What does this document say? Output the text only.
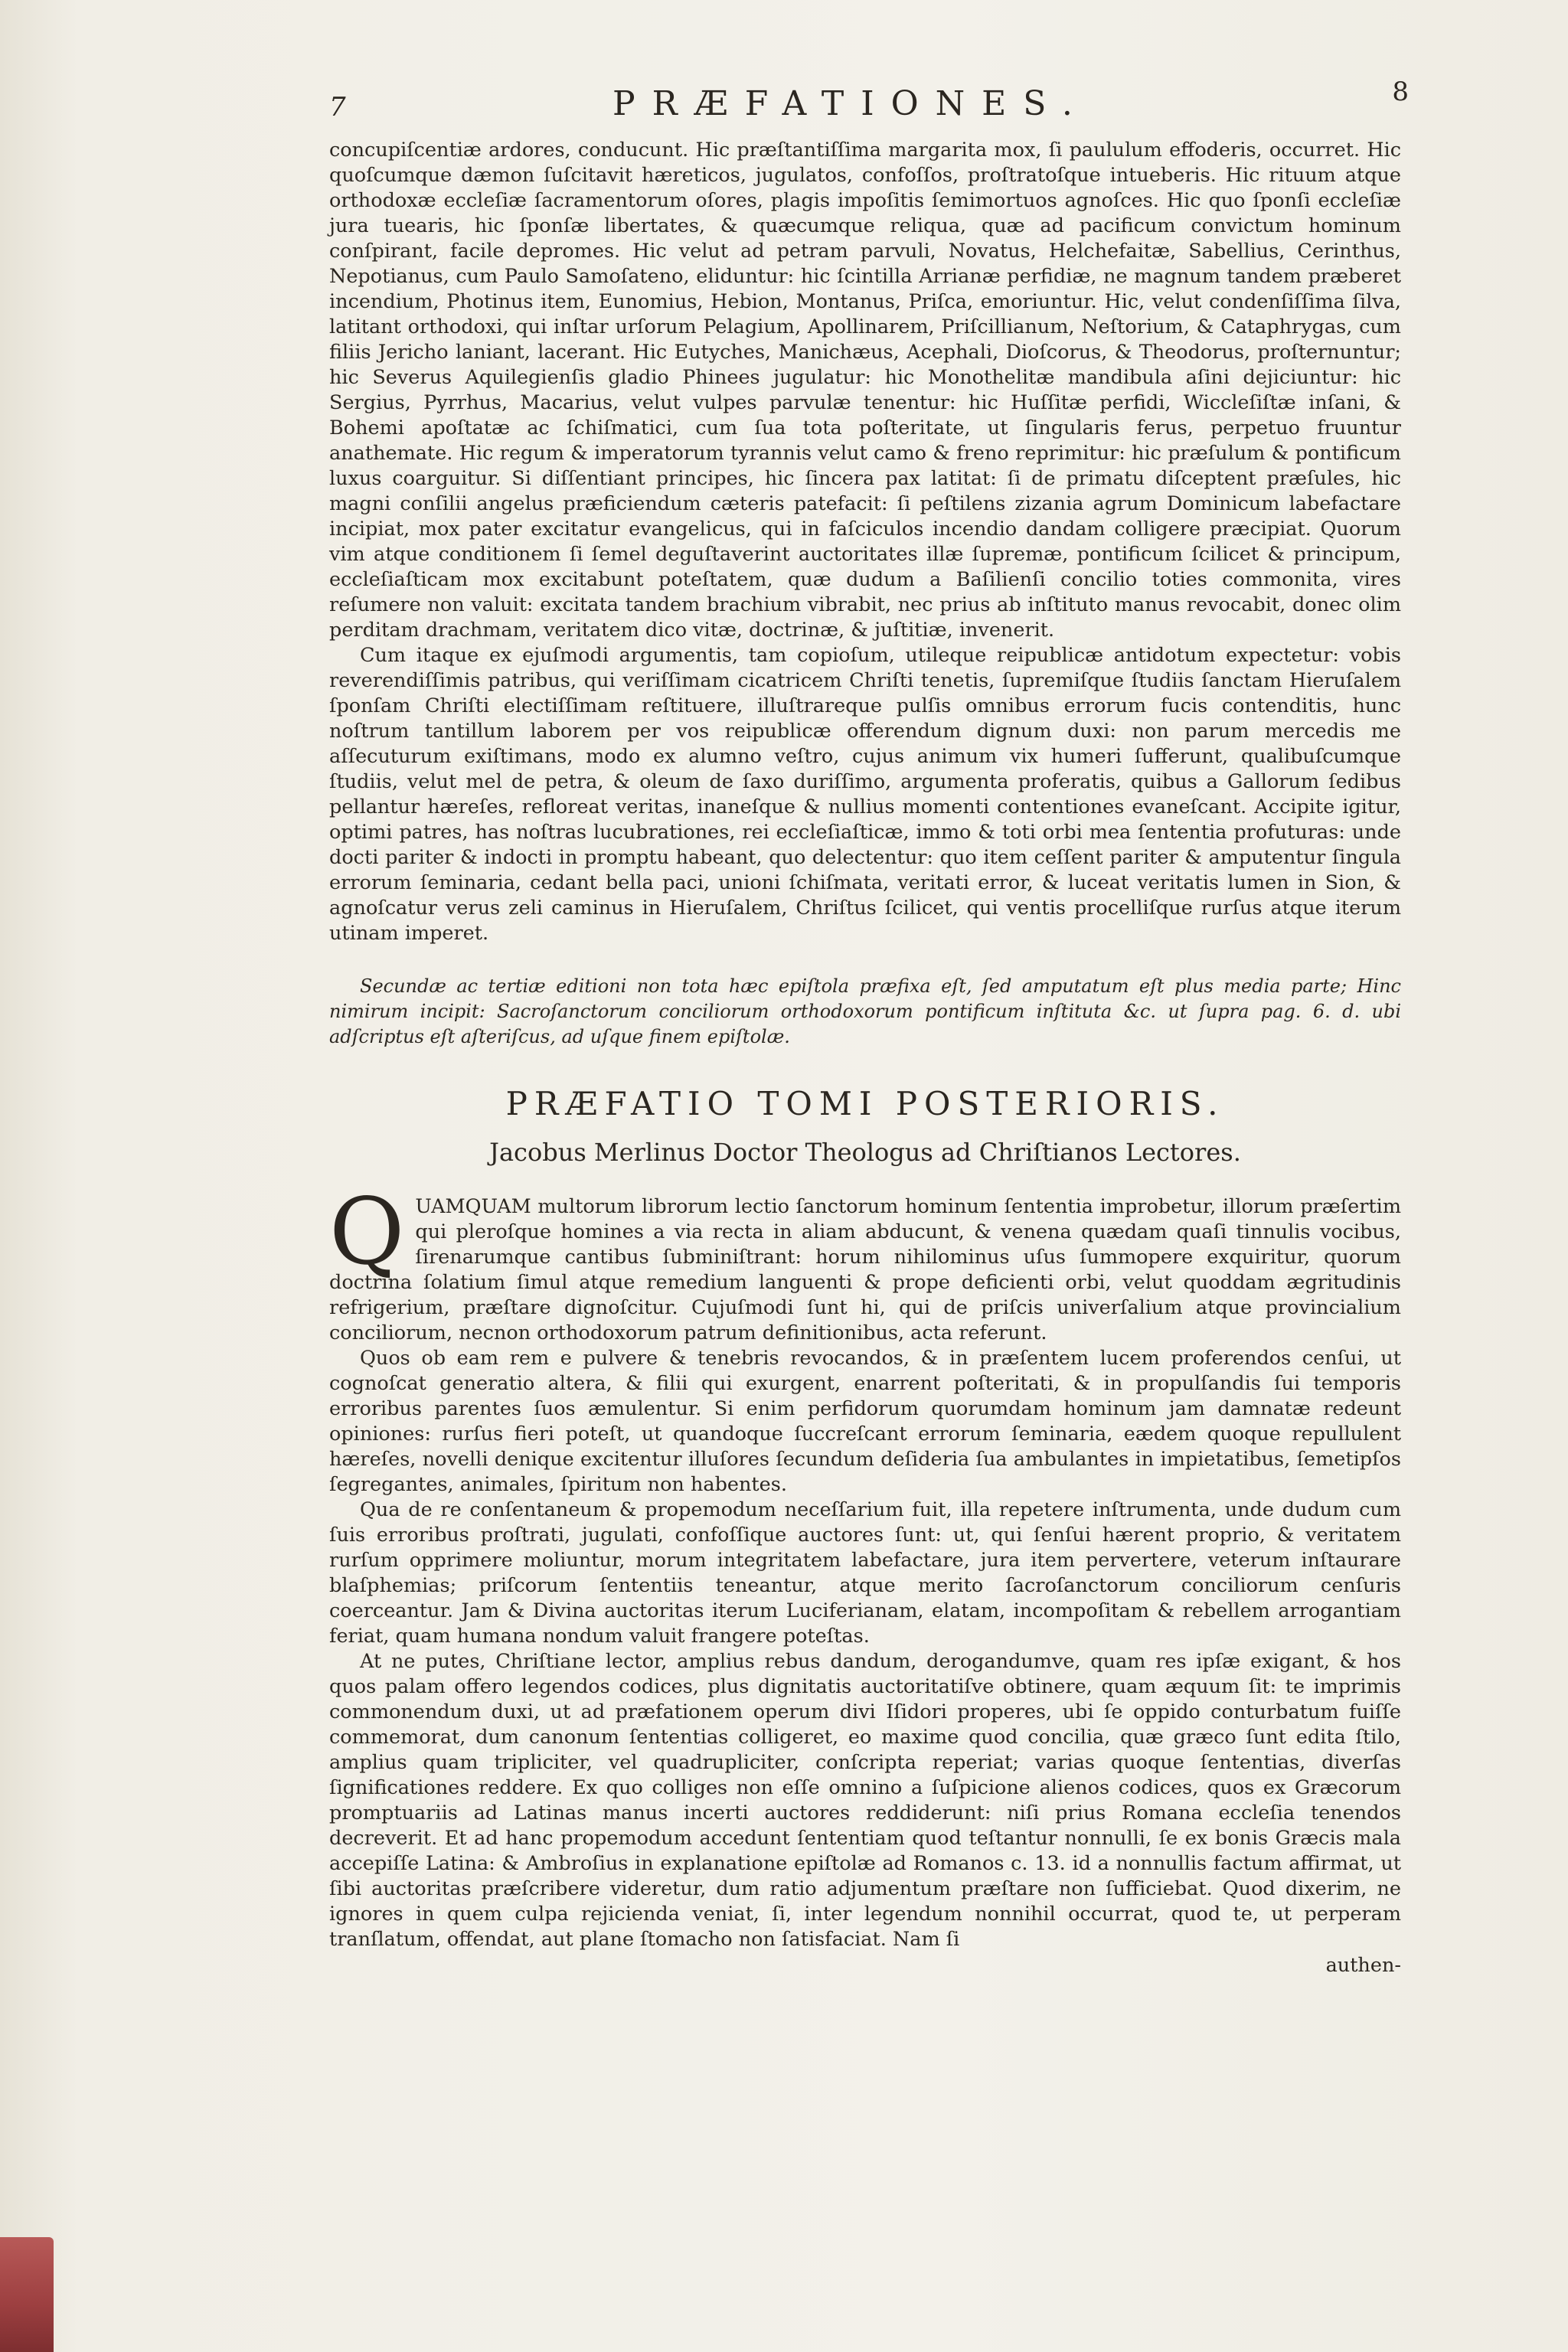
7	PRÆFATIONES.	8

concupiſcentiæ ardores, conducunt. Hic præſtantiſſima margarita mox, ſi paululum effoderis, occurret. Hic quoſcumque dæmon ſuſcitavit hæreticos, jugulatos, confoſſos, proſtratoſque intueberis. Hic rituum atque orthodoxæ eccleſiæ ſacramentorum oſores, plagis impoſitis ſemimortuos agnoſces. Hic quo ſponſi eccleſiæ jura tuearis, hic ſponſæ libertates, & quæcumque reliqua, quæ ad pacificum convictum hominum conſpirant, facile depromes. Hic velut ad petram parvuli, Novatus, Helchefaitæ, Sabellius, Cerinthus, Nepotianus, cum Paulo Samoſateno, eliduntur: hic ſcintilla Arrianæ perfidiæ, ne magnum tandem præberet incendium, Photinus item, Eunomius, Hebion, Montanus, Priſca, emoriuntur. Hic, velut condenſiſſima ſilva, latitant orthodoxi, qui inſtar urſorum Pelagium, Apollinarem, Priſcillianum, Neſtorium, & Cataphrygas, cum filiis Jericho laniant, lacerant. Hic Eutyches, Manichæus, Acephali, Dioſcorus, & Theodorus, proſternuntur; hic Severus Aquilegienſis gladio Phinees jugulatur: hic Monothelitæ mandibula aſini dejiciuntur: hic Sergius, Pyrrhus, Macarius, velut vulpes parvulæ tenentur: hic Huſſitæ perfidi, Wiccleſiſtæ inſani, & Bohemi apoſtatæ ac ſchiſmatici, cum ſua tota poſteritate, ut ſingularis ferus, perpetuo fruuntur anathemate. Hic regum & imperatorum tyrannis velut camo & freno reprimitur: hic præſulum & pontificum luxus coarguitur. Si diſſentiant principes, hic ſincera pax latitat: ſi de primatu diſceptent præſules, hic magni conſilii angelus præficiendum cæteris patefacit: ſi peſtilens zizania agrum Dominicum labefactare incipiat, mox pater excitatur evangelicus, qui in faſciculos incendio dandam colligere præcipiat. Quorum vim atque conditionem ſi ſemel deguſtaverint auctoritates illæ ſupremæ, pontificum ſcilicet & principum, eccleſiaſticam mox excitabunt poteſtatem, quæ dudum a Baſilienſi concilio toties commonita, vires reſumere non valuit: excitata tandem brachium vibrabit, nec prius ab inſtituto manus revocabit, donec olim perditam drachmam, veritatem dico vitæ, doctrinæ, & juſtitiæ, invenerit.

Cum itaque ex ejuſmodi argumentis, tam copioſum, utileque reipublicæ antidotum expectetur: vobis reverendiſſimis patribus, qui veriſſimam cicatricem Chriſti tenetis, ſupremiſque ſtudiis ſanctam Hieruſalem ſponſam Chriſti electiſſimam reſtituere, illuſtrareque pulſis omnibus errorum fucis contenditis, hunc noſtrum tantillum laborem per vos reipublicæ offerendum dignum duxi: non parum mercedis me aſſecuturum exiſtimans, modo ex alumno veſtro, cujus animum vix humeri ſufferunt, qualibuſcumque ſtudiis, velut mel de petra, & oleum de ſaxo duriſſimo, argumenta proferatis, quibus a Gallorum ſedibus pellantur hæreſes, refloreat veritas, inaneſque & nullius momenti contentiones evaneſcant. Accipite igitur, optimi patres, has noſtras lucubrationes, rei eccleſiaſticæ, immo & toti orbi mea ſententia profuturas: unde docti pariter & indocti in promptu habeant, quo delectentur: quo item ceſſent pariter & amputentur ſingula errorum ſeminaria, cedant bella paci, unioni ſchiſmata, veritati error, & luceat veritatis lumen in Sion, & agnoſcatur verus zeli caminus in Hieruſalem, Chriſtus ſcilicet, qui ventis procelliſque rurſus atque iterum utinam imperet.

Secundæ ac tertiæ editioni non tota hæc epiſtola præfixa eſt, ſed amputatum eſt plus media parte; Hinc nimirum incipit: Sacroſanctorum conciliorum orthodoxorum pontificum inſtituta &c. ut ſupra pag. 6. d. ubi adſcriptus eſt aſteriſcus, ad uſque finem epiſtolæ.

PRÆFATIO TOMI POSTERIORIS.
Jacobus Merlinus Doctor Theologus ad Chriſtianos Lectores.

QUAMQUAM multorum librorum lectio ſanctorum hominum ſententia improbetur, illorum præſertim qui pleroſque homines a via recta in aliam abducunt, & venena quædam quaſi tinnulis vocibus, ſirenarumque cantibus ſubminiſtrant: horum nihilominus uſus ſummopere exquiritur, quorum doctrina ſolatium ſimul atque remedium languenti & prope deficienti orbi, velut quoddam ægritudinis refrigerium, præſtare dignoſcitur. Cujuſmodi ſunt hi, qui de priſcis univerſalium atque provincialium conciliorum, necnon orthodoxorum patrum definitionibus, acta referunt.

Quos ob eam rem e pulvere & tenebris revocandos, & in præſentem lucem proferendos cenſui, ut cognoſcat generatio altera, & filii qui exurgent, enarrent poſteritati, & in propulſandis ſui temporis erroribus parentes ſuos æmulentur. Si enim perfidorum quorumdam hominum jam damnatæ redeunt opiniones: rurſus fieri poteſt, ut quandoque ſuccreſcant errorum ſeminaria, eædem quoque repullulent hæreſes, novelli denique excitentur illuſores ſecundum deſideria ſua ambulantes in impietatibus, ſemetipſos ſegregantes, animales, ſpiritum non habentes.

Qua de re conſentaneum & propemodum neceſſarium fuit, illa repetere inſtrumenta, unde dudum cum ſuis erroribus proſtrati, jugulati, confoſſique auctores ſunt: ut, qui ſenſui hærent proprio, & veritatem rurſum opprimere moliuntur, morum integritatem labefactare, jura item pervertere, veterum inſtaurare blaſphemias; priſcorum ſententiis teneantur, atque merito ſacroſanctorum conciliorum cenſuris coerceantur. Jam & Divina auctoritas iterum Luciferianam, elatam, incompoſitam & rebellem arrogantiam feriat, quam humana nondum valuit frangere poteſtas.

At ne putes, Chriſtiane lector, amplius rebus dandum, derogandumve, quam res ipſæ exigant, & hos quos palam offero legendos codices, plus dignitatis auctoritatiſve obtinere, quam æquum ſit: te imprimis commonendum duxi, ut ad præfationem operum divi Iſidori properes, ubi ſe oppido conturbatum fuiſſe commemorat, dum canonum ſententias colligeret, eo maxime quod concilia, quæ græco ſunt edita ſtilo, amplius quam tripliciter, vel quadrupliciter, conſcripta reperiat; varias quoque ſententias, diverſas ſignificationes reddere. Ex quo colliges non eſſe omnino a ſuſpicione alienos codices, quos ex Græcorum promptuariis ad Latinas manus incerti auctores reddiderunt: niſi prius Romana eccleſia tenendos decreverit. Et ad hanc propemodum accedunt ſententiam quod teſtantur nonnulli, ſe ex bonis Græcis mala accepiſſe Latina: & Ambroſius in explanatione epiſtolæ ad Romanos c. 13. id a nonnullis factum affirmat, ut ſibi auctoritas præſcribere videretur, dum ratio adjumentum præſtare non ſufficiebat. Quod dixerim, ne ignores in quem culpa rejicienda veniat, ſi, inter legendum nonnihil occurrat, quod te, ut perperam tranſlatum, offendat, aut plane ſtomacho non ſatisfaciat. Nam ſi

authen-
